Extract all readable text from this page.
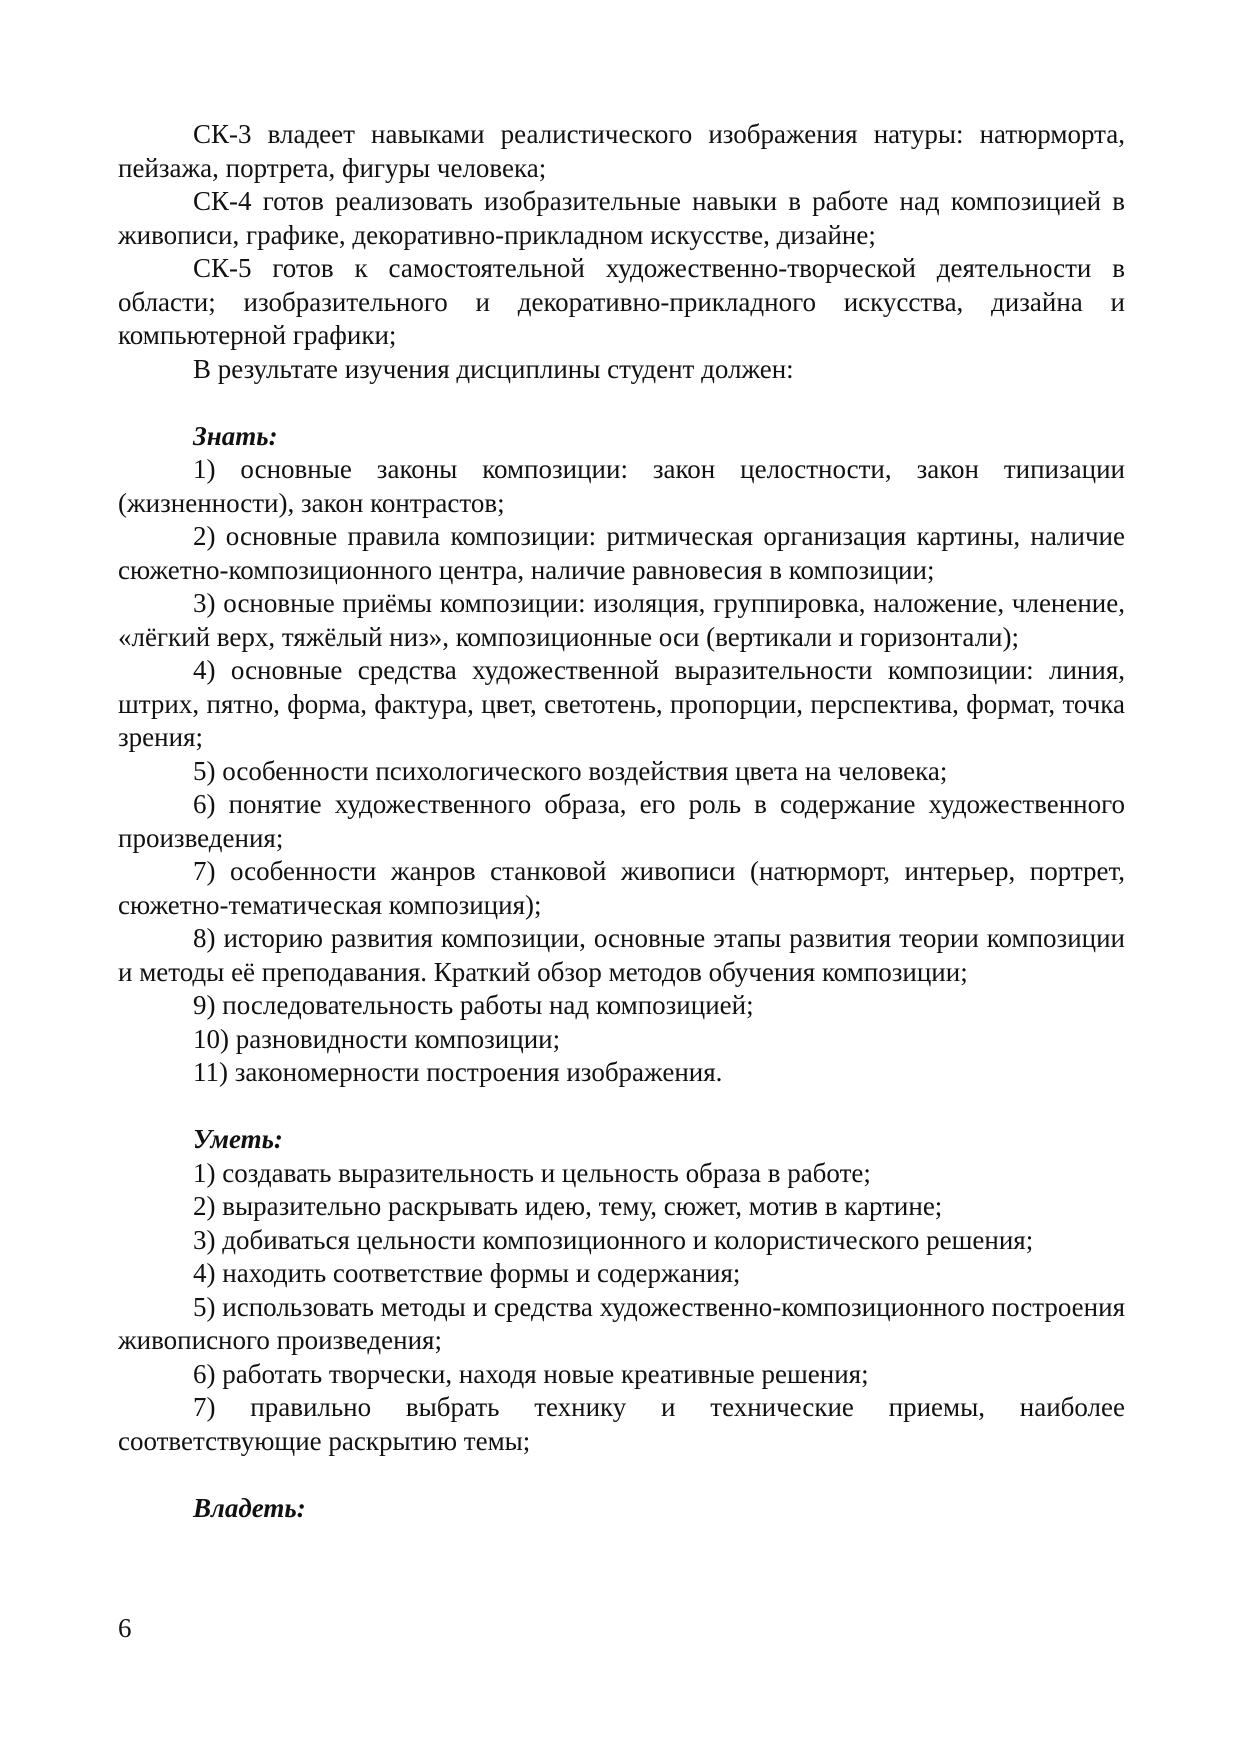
СК-3 владеет навыками реалистического изображения натуры: натюрморта, пейзажа, портрета, фигуры человека;

СК-4 готов реализовать изобразительные навыки в работе над композицией в живописи, графике, декоративно-прикладном искусстве, дизайне;

СК-5 готов к самостоятельной художественно-творческой деятельности в области; изобразительного и декоративно-прикладного искусства, дизайна и компьютерной графики;

В результате изучения дисциплины студент должен:

Знать:

1) основные законы композиции: закон целостности, закон типизации (жизненности), закон контрастов;

2) основные правила композиции: ритмическая организация картины, наличие сюжетно-композиционного центра, наличие равновесия в композиции;

3) основные приёмы композиции: изоляция, группировка, наложение, членение, «лёгкий верх, тяжёлый низ», композиционные оси (вертикали и горизонтали);

4) основные средства художественной выразительности композиции: линия, штрих, пятно, форма, фактура, цвет, светотень, пропорции, перспектива, формат, точка зрения;

5) особенности психологического воздействия цвета на человека;

6) понятие художественного образа, его роль в содержание художественного произведения;

7) особенности жанров станковой живописи (натюрморт, интерьер, портрет, сюжетно-тематическая композиция);

8) историю развития композиции, основные этапы развития теории композиции и методы её преподавания. Краткий обзор методов обучения композиции;

9) последовательность работы над композицией;

10) разновидности композиции;

11) закономерности построения изображения.

Уметь:

1) создавать выразительность и цельность образа в работе;

2) выразительно раскрывать идею, тему, сюжет, мотив в картине;

3) добиваться цельности композиционного и колористического решения;

4) находить соответствие формы и содержания;

5) использовать методы и средства художественно-композиционного построения живописного произведения;

6) работать творчески, находя новые креативные решения;

7) правильно выбрать технику и технические приемы, наиболее соответствующие раскрытию темы;

Владеть:

6
